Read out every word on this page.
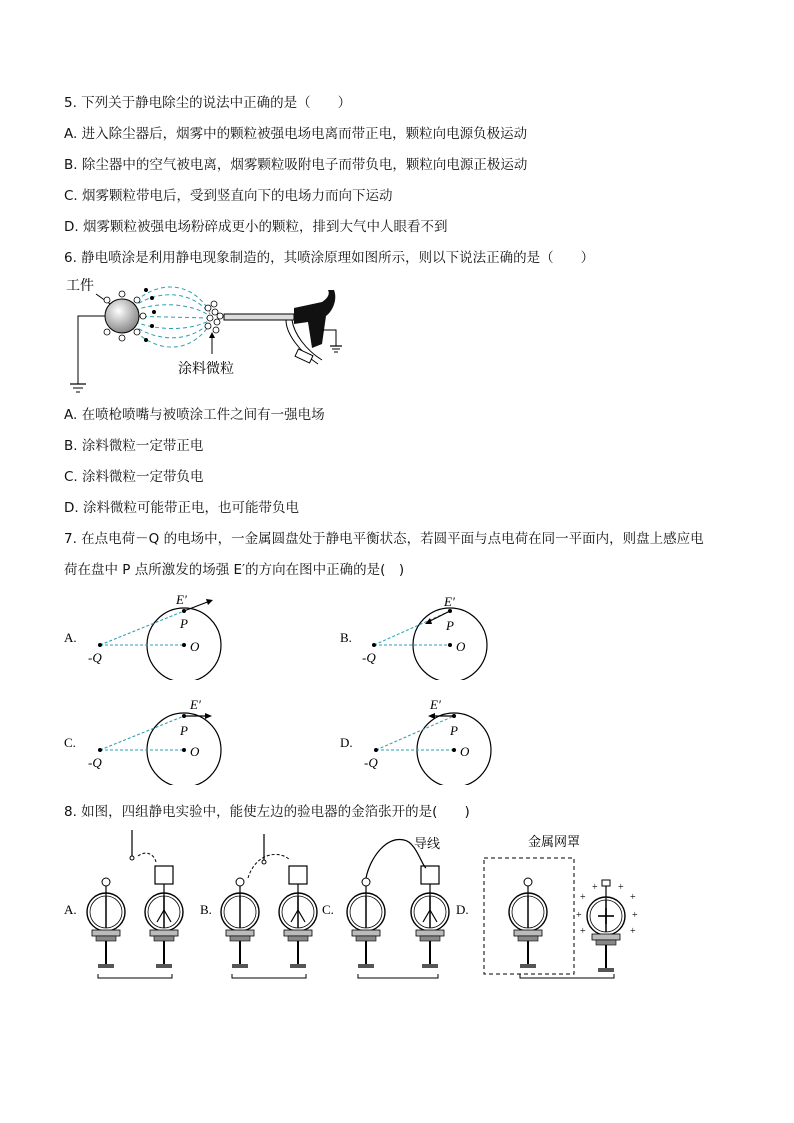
5. 下列关于静电除尘的说法中正确的是（　　）
A. 进入除尘器后，烟雾中的颗粒被强电场电离而带正电，颗粒向电源负极运动
B. 除尘器中的空气被电离，烟雾颗粒吸附电子而带负电，颗粒向电源正极运动
C. 烟雾颗粒带电后，受到竖直向下的电场力而向下运动
D. 烟雾颗粒被强电场粉碎成更小的颗粒，排到大气中人眼看不到
6. 静电喷涂是利用静电现象制造的，其喷涂原理如图所示，则以下说法正确的是（　　）
工件
涂料微粒
A. 在喷枪喷嘴与被喷涂工件之间有一强电场
B. 涂料微粒一定带正电
C. 涂料微粒一定带负电
D. 涂料微粒可能带正电，也可能带负电
7. 在点电荷－Q 的电场中，一金属圆盘处于静电平衡状态，若圆平面与点电荷在同一平面内，则盘上感应电
荷在盘中 P 点所激发的场强 E′的方向在图中正确的是(　)
A.
-Q
O
P
E′
B.
-Q
O
P
E′
C.
-Q
O
P
E′
D.
-Q
O
P
E′
8. 如图，四组静电实验中，能使左边的验电器的金箔张开的是(　　)
A.	B.	C.
导线
D.
金属网罩
+
+ +
+
+	+
+	+
